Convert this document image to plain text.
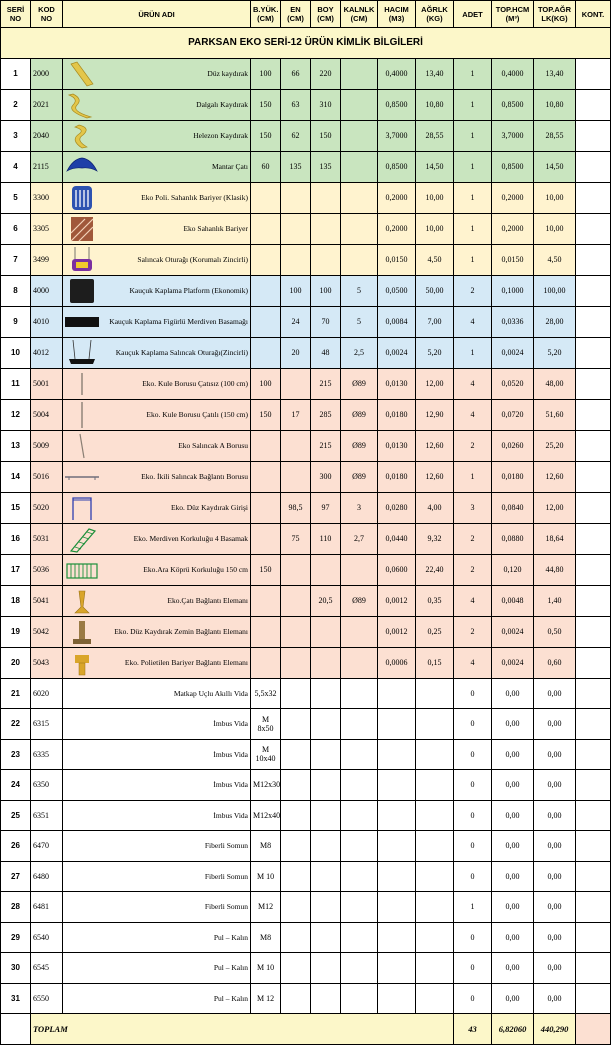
PARKSAN EKO SERİ-12 ÜRÜN KİMLİK BİLGİLERİ													
SERİ NO	KOD NO	ÜRÜN ADI		B.YÜK. (CM)	EN (CM)	BOY (CM)	KALNLK (CM)	HACIM (M3)	AĞRLK (KG)	ADET	TOP.HCM (M³)	TOP.AĞR LK(KG)	KONT.
1	2000		Düz kaydırak	100	66	220		0,4000	13,40	1	0,4000	13,40	
2	2021		Dalgalı Kaydırak	150	63	310		0,8500	10,80	1	0,8500	10,80	
3	2040		Helezon Kaydırak	150	62	150		3,7000	28,55	1	3,7000	28,55	
4	2115		Mantar Çatı	60	135	135		0,8500	14,50	1	0,8500	14,50	
5	3300		Eko Poli. Sahanlık Bariyer (Klasik)					0,2000	10,00	1	0,2000	10,00	
6	3305		Eko Sahanlık Bariyer					0,2000	10,00	1	0,2000	10,00	
7	3499		Salıncak Oturağı (Korumalı Zincirli)					0,0150	4,50	1	0,0150	4,50	
8	4000		Kauçuk Kaplama Platform (Ekonomik)		100	100	5	0,0500	50,00	2	0,1000	100,00	
9	4010		Kauçuk Kaplama Figürlü Merdiven Basamağı		24	70	5	0,0084	7,00	4	0,0336	28,00	
10	4012		Kauçuk Kaplama Salıncak Oturağı(Zincirli)		20	48	2,5	0,0024	5,20	1	0,0024	5,20	
11	5001		Eko. Kule Borusu Çatısız (100 cm)	100		215	Ø89	0,0130	12,00	4	0,0520	48,00	
12	5004		Eko. Kule Borusu Çatılı (150 cm)	150	17	285	Ø89	0,0180	12,90	4	0,0720	51,60	
13	5009		Eko Salıncak A Borusu			215	Ø89	0,0130	12,60	2	0,0260	25,20	
14	5016		Eko. İkili Salıncak Bağlantı Borusu			300	Ø89	0,0180	12,60	1	0,0180	12,60	
15	5020		Eko. Düz Kaydırak Girişi		98,5	97	3	0,0280	4,00	3	0,0840	12,00	
16	5031		Eko. Merdiven Korkuluğu 4 Basamak		75	110	2,7	0,0440	9,32	2	0,0880	18,64	
17	5036		Eko.Ara Köprü Korkuluğu 150 cm	150				0,0600	22,40	2	0,120	44,80	
18	5041		Eko.Çatı Bağlantı Elemanı			20,5	Ø89	0,0012	0,35	4	0,0048	1,40	
19	5042		Eko. Düz Kaydırak Zemin Bağlantı Elemanı					0,0012	0,25	2	0,0024	0,50	
20	5043		Eko. Polietilen Bariyer Bağlantı Elemanı					0,0006	0,15	4	0,0024	0,60	
21	6020		Matkap Uçlu Akıllı Vida	5,5x32						0	0,00	0,00	
22	6315		İmbus Vida	M 8x50						0	0,00	0,00	
23	6335		İmbus Vida	M 10x40						0	0,00	0,00	
24	6350		İmbus Vida	M12x30						0	0,00	0,00	
25	6351		İmbus Vida	M12x40						0	0,00	0,00	
26	6470		Fiberli Somun	M8						0	0,00	0,00	
27	6480		Fiberli Somun	M 10						0	0,00	0,00	
28	6481		Fiberli Somun	M12						1	0,00	0,00	
29	6540		Pul – Kalın	M8						0	0,00	0,00	
30	6545		Pul – Kalın	M 10						0	0,00	0,00	
31	6550		Pul – Kalın	M 12						0	0,00	0,00	
	TOPLAM									43	6,82060	440,290	
